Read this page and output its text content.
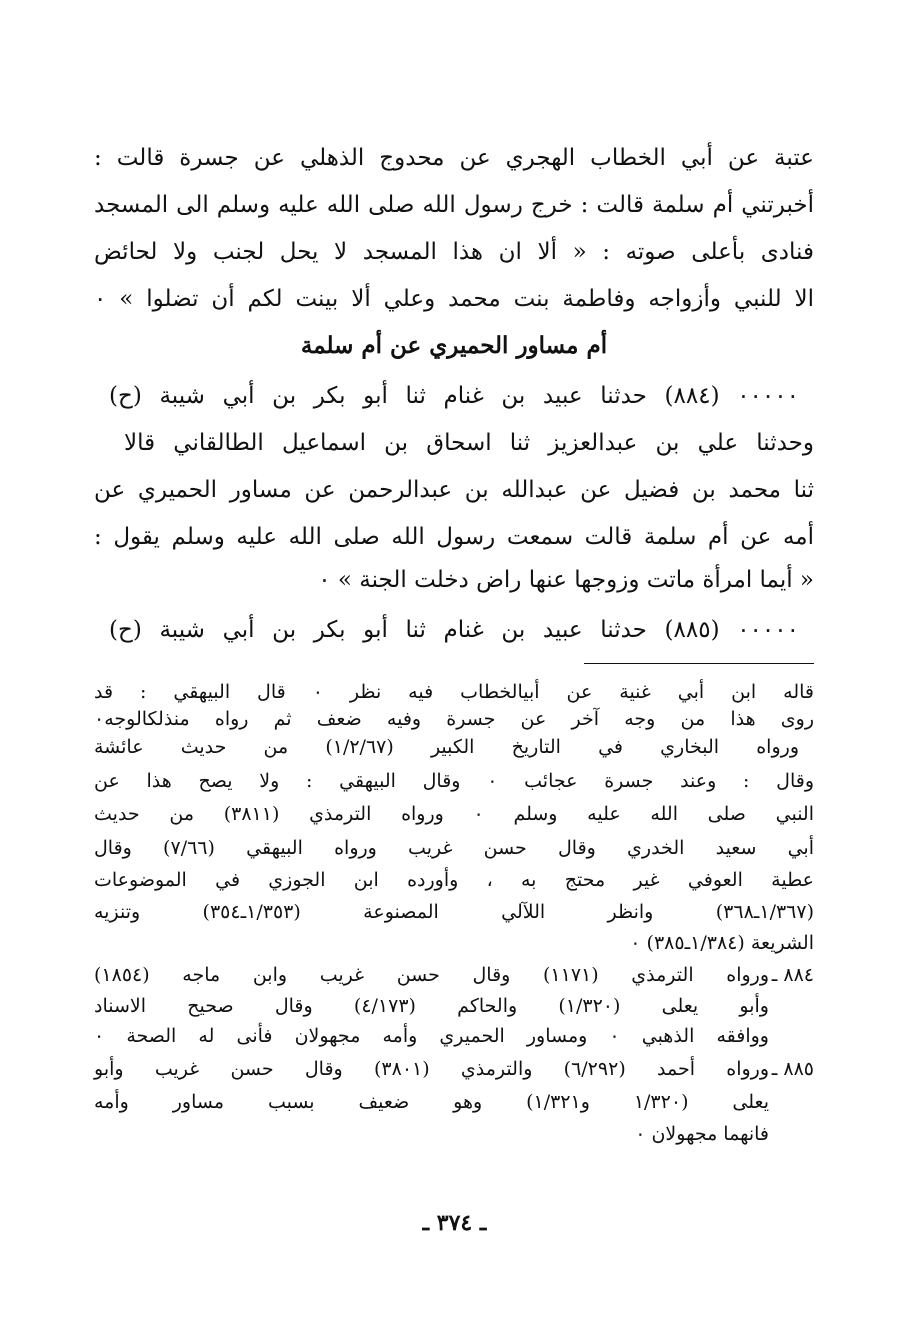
عتبة عن أبي الخطاب الهجري عن محدوج الذهلي عن جسرة قالت :
أخبرتني أم سلمة قالت : خرج رسول الله صلى الله عليه وسلم الى المسجد
فنادى بأعلى صوته : « ألا ان هذا المسجد لا يحل لجنب ولا لحائض
الا للنبي وأزواجه وفاطمة بنت محمد وعلي ألا بينت لكم أن تضلوا » ٠
أم مساور الحميري عن أم سلمة
٠٠٠٠٠ (٨٨٤) حدثنا عبيد بن غنام ثنا أبو بكر بن أبي شيبة (ح)
وحدثنا علي بن عبدالعزيز ثنا اسحاق بن اسماعيل الطالقاني قالا
ثنا محمد بن فضيل عن عبدالله بن عبدالرحمن عن مساور الحميري عن
أمه عن أم سلمة قالت سمعت رسول الله صلى الله عليه وسلم يقول :
« أيما امرأة ماتت وزوجها عنها راض دخلت الجنة » ٠
٠٠٠٠٠ (٨٨٥) حدثنا عبيد بن غنام ثنا أبو بكر بن أبي شيبة (ح)
قاله ابن أبي غنية عن أبيالخطاب فيه نظر ٠ قال البيهقي : قد
روى هذا من وجه آخر عن جسرة وفيه ضعف ثم رواه منذلكالوجه٠
ورواه البخاري في التاريخ الكبير (١/٢/٦٧) من حديث عائشة
وقال : وعند جسرة عجائب ٠ وقال البيهقي : ولا يصح هذا عن
النبي صلى الله عليه وسلم ٠ ورواه الترمذي (٣٨١١) من حديث
أبي سعيد الخدري وقال حسن غريب ورواه البيهقي (٧/٦٦) وقال
عطية العوفي غير محتج به ، وأورده ابن الجوزي في الموضوعات
(١/٣٦٧ـ٣٦٨) وانظر اللآلي المصنوعة (١/٣٥٣ـ٣٥٤) وتنزيه
الشريعة (١/٣٨٤ـ٣٨٥) ٠
٨٨٤ ـ
ورواه الترمذي (١١٧١) وقال حسن غريب وابن ماجه (١٨٥٤)
وأبو يعلى (١/٣٢٠) والحاكم (٤/١٧٣) وقال صحيح الاسناد
ووافقه الذهبي ٠ ومساور الحميري وأمه مجهولان فأنى له الصحة ٠
٨٨٥ ـ
ورواه أحمد (٦/٢٩٢) والترمذي (٣٨٠١) وقال حسن غريب وأبو
يعلى (١/٣٢٠ و١/٣٢١) وهو ضعيف بسبب مساور وأمه
فانهما مجهولان ٠
ـ ٣٧٤ ـ
